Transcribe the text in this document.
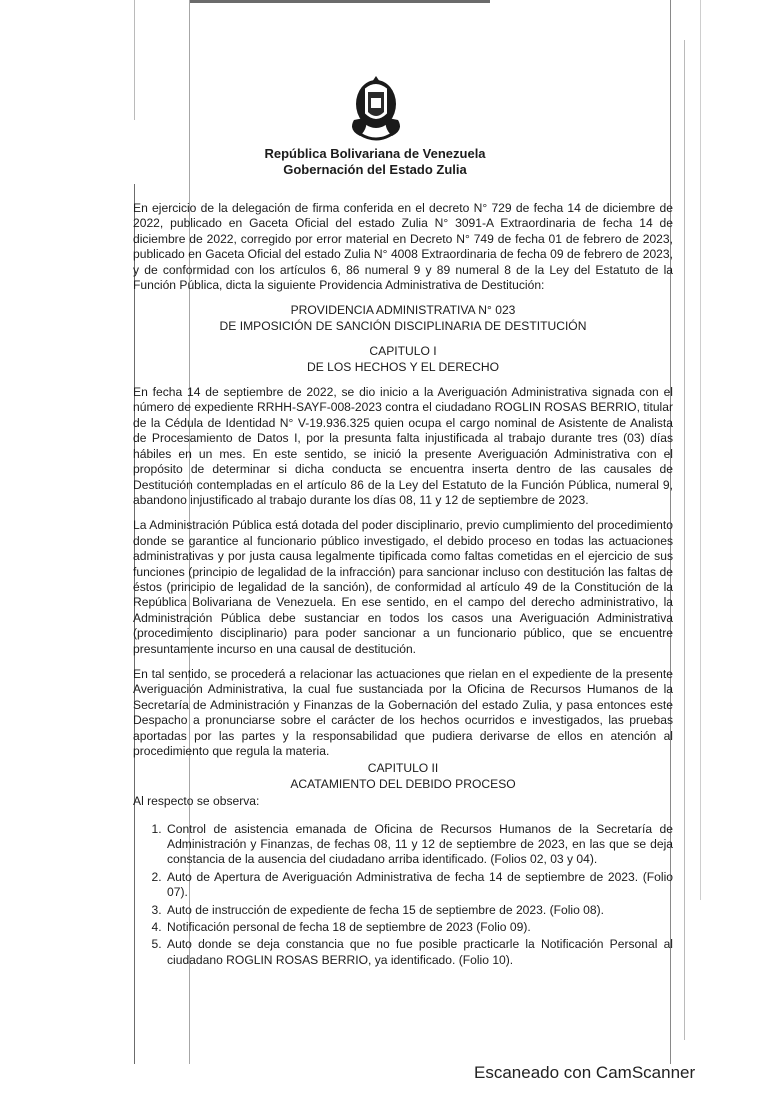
República Bolivariana de Venezuela
Gobernación del Estado Zulia

En ejercicio de la delegación de firma conferida en el decreto N° 729 de fecha 14 de diciembre de 2022, publicado en Gaceta Oficial del estado Zulia N° 3091-A Extraordinaria de fecha 14 de diciembre de 2022, corregido por error material en Decreto N° 749 de fecha 01 de febrero de 2023, publicado en Gaceta Oficial del estado Zulia N° 4008 Extraordinaria de fecha 09 de febrero de 2023, y de conformidad con los artículos 6, 86 numeral 9 y 89 numeral 8 de la Ley del Estatuto de la Función Pública, dicta la siguiente Providencia Administrativa de Destitución:

PROVIDENCIA ADMINISTRATIVA N° 023
DE IMPOSICIÓN DE SANCIÓN DISCIPLINARIA DE DESTITUCIÓN
CAPITULO I
DE LOS HECHOS Y EL DERECHO

En fecha 14 de septiembre de 2022, se dio inicio a la Averiguación Administrativa signada con el número de expediente RRHH-SAYF-008-2023 contra el ciudadano ROGLIN ROSAS BERRIO, titular de la Cédula de Identidad N° V-19.936.325 quien ocupa el cargo nominal de Asistente de Analista de Procesamiento de Datos I, por la presunta falta injustificada al trabajo durante tres (03) días hábiles en un mes. En este sentido, se inició la presente Averiguación Administrativa con el propósito de determinar si dicha conducta se encuentra inserta dentro de las causales de Destitución contempladas en el artículo 86 de la Ley del Estatuto de la Función Pública, numeral 9, abandono injustificado al trabajo durante los días 08, 11 y 12 de septiembre de 2023.

La Administración Pública está dotada del poder disciplinario, previo cumplimiento del procedimiento donde se garantice al funcionario público investigado, el debido proceso en todas las actuaciones administrativas y por justa causa legalmente tipificada como faltas cometidas en el ejercicio de sus funciones (principio de legalidad de la infracción) para sancionar incluso con destitución las faltas de éstos (principio de legalidad de la sanción), de conformidad al artículo 49 de la Constitución de la República Bolivariana de Venezuela. En ese sentido, en el campo del derecho administrativo, la Administración Pública debe sustanciar en todos los casos una Averiguación Administrativa (procedimiento disciplinario) para poder sancionar a un funcionario público, que se encuentre presuntamente incurso en una causal de destitución.

En tal sentido, se procederá a relacionar las actuaciones que rielan en el expediente de la presente Averiguación Administrativa, la cual fue sustanciada por la Oficina de Recursos Humanos de la Secretaría de Administración y Finanzas de la Gobernación del estado Zulia, y pasa entonces este Despacho a pronunciarse sobre el carácter de los hechos ocurridos e investigados, las pruebas aportadas por las partes y la responsabilidad que pudiera derivarse de ellos en atención al procedimiento que regula la materia.

CAPITULO II
ACATAMIENTO DEL DEBIDO PROCESO
Al respecto se observa:
1. Control de asistencia emanada de Oficina de Recursos Humanos de la Secretaría de Administración y Finanzas, de fechas 08, 11 y 12 de septiembre de 2023, en las que se deja constancia de la ausencia del ciudadano arriba identificado. (Folios 02, 03 y 04).
2. Auto de Apertura de Averiguación Administrativa de fecha 14 de septiembre de 2023. (Folio 07).
3. Auto de instrucción de expediente de fecha 15 de septiembre de 2023. (Folio 08).
4. Notificación personal de fecha 18 de septiembre de 2023 (Folio 09).
5. Auto donde se deja constancia que no fue posible practicarle la Notificación Personal al ciudadano ROGLIN ROSAS BERRIO, ya identificado. (Folio 10).
Escaneado con CamScanner
